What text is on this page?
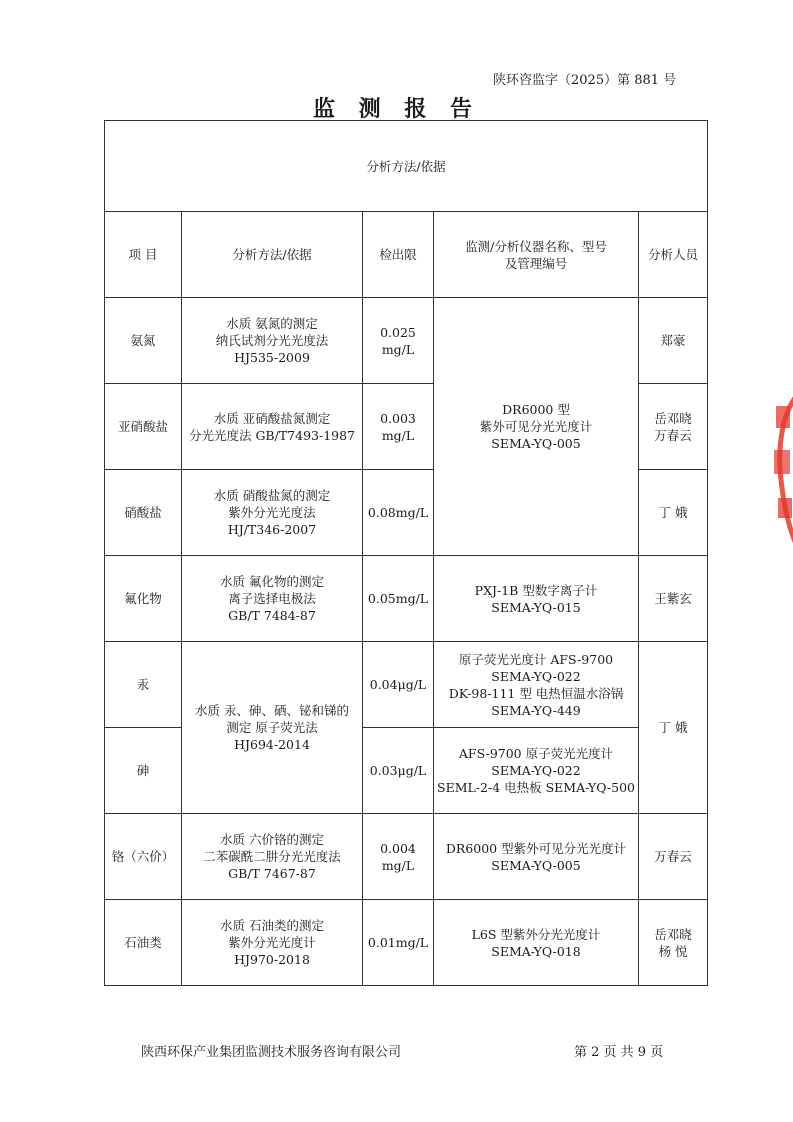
陕环咨监字（2025）第 881 号
监 测 报 告
分析方法/依据				
项 目	分析方法/依据	检出限	监测/分析仪器名称、型号
及管理编号	分析人员
氨氮	水质 氨氮的测定
纳氏试剂分光光度法
HJ535-2009	0.025
mg/L	DR6000 型
紫外可见分光光度计
SEMA-YQ-005	郑豪
亚硝酸盐	水质 亚硝酸盐氮测定
分光光度法 GB/T7493-1987	0.003
mg/L		岳邓晓
万春云
硝酸盐	水质 硝酸盐氮的测定
紫外分光光度法
HJ/T346-2007	0.08mg/L		丁 娥
氟化物	水质 氟化物的测定
离子选择电极法
GB/T 7484-87	0.05mg/L	PXJ-1B 型数字离子计
SEMA-YQ-015	王紫玄
汞	水质 汞、砷、硒、铋和锑的
测定 原子荧光法
HJ694-2014	0.04μg/L	原子荧光光度计 AFS-9700
SEMA-YQ-022
DK-98-111 型 电热恒温水浴锅
SEMA-YQ-449	丁 娥
砷		0.03μg/L	AFS-9700 原子荧光光度计
SEMA-YQ-022
SEML-2-4 电热板 SEMA-YQ-500	
铬（六价）	水质 六价铬的测定
二苯碳酰二肼分光光度法
GB/T 7467-87	0.004
mg/L	DR6000 型紫外可见分光光度计
SEMA-YQ-005	万春云
石油类	水质 石油类的测定
紫外分光光度计
HJ970-2018	0.01mg/L	L6S 型紫外分光光度计
SEMA-YQ-018	岳邓晓
杨 悦
陕西环保产业集团监测技术服务咨询有限公司	第 2 页 共 9 页
